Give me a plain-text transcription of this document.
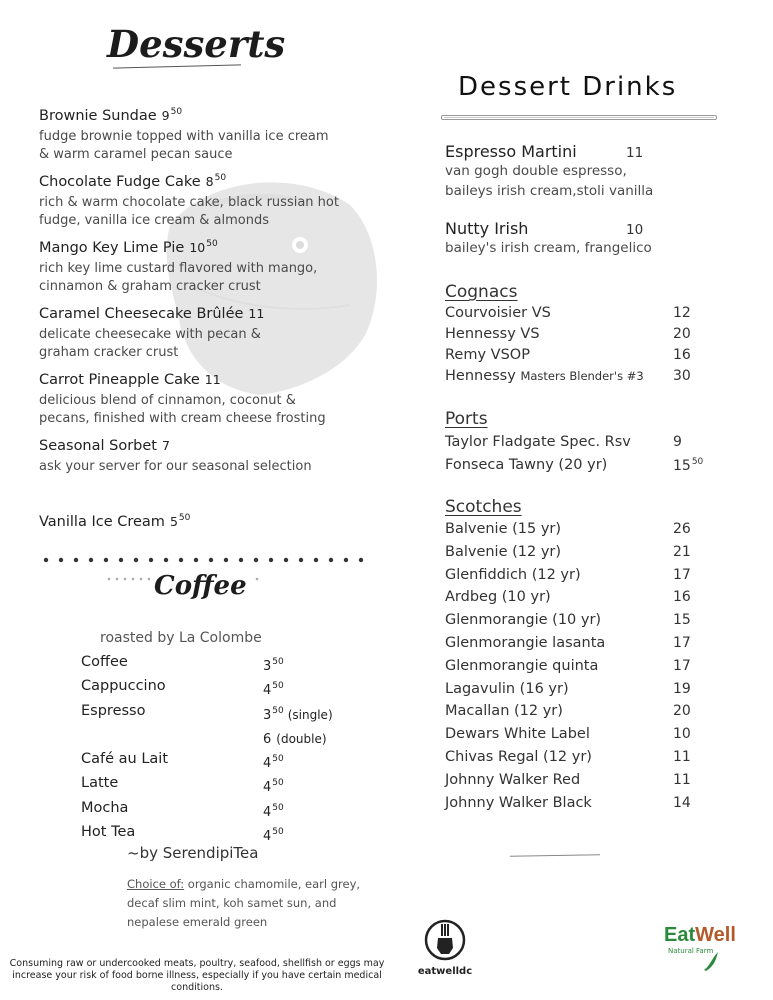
Desserts
Brownie Sundae $9^{50}$
fudge brownie topped with vanilla ice cream
& warm caramel pecan sauce
Chocolate Fudge Cake $8^{50}$
rich & warm chocolate cake, black russian hot
fudge, vanilla ice cream & almonds
Mango Key Lime Pie $10^{50}$
rich key lime custard flavored with mango,
cinnamon & graham cracker crust
Caramel Cheesecake Brûlée 11
delicate cheesecake with pecan &
graham cracker crust
Carrot Pineapple Cake 11
delicious blend of cinnamon, coconut &
pecans, finished with cream cheese frosting
Seasonal Sorbet 7
ask your server for our seasonal selection
Vanilla Ice Cream $5^{50}$
Coffee
roasted by La Colombe
Coffee	$3^{50}$
Cappuccino	$4^{50}$
Espresso	$3^{50}$ (single)
6 (double)
Café au Lait	$4^{50}$
Latte	$4^{50}$
Mocha	$4^{50}$
Hot Tea	$4^{50}$
~by SerendipiTea
Choice of: organic chamomile, earl grey, decaf slim mint, koh samet sun, and nepalese emerald green
Consuming raw or undercooked meats, poultry, seafood, shellfish or eggs may
increase your risk of food borne illness, especially if you have certain medical conditions.
Dessert Drinks
Espresso Martini	11
van gogh double espresso,
baileys irish cream,stoli vanilla
Nutty Irish	10
bailey's irish cream, frangelico
Cognacs
Courvoisier VS	12
Hennessy VS	20
Remy VSOP	16
Hennessy Masters Blender's #3 30
Ports
Taylor Fladgate Spec. Rsv	9
Fonseca Tawny (20 yr)	$15^{50}$
Scotches
Balvenie (15 yr)	26
Balvenie (12 yr)	21
Glenfiddich (12 yr)	17
Ardbeg (10 yr)	16
Glenmorangie (10 yr)	15
Glenmorangie lasanta	17
Glenmorangie quinta	17
Lagavulin (16 yr)	19
Macallan (12 yr)	20
Dewars White Label	10
Chivas Regal (12 yr)	11
Johnny Walker Red	11
Johnny Walker Black	14
eatwelldc
EatWell
Natural Farm
